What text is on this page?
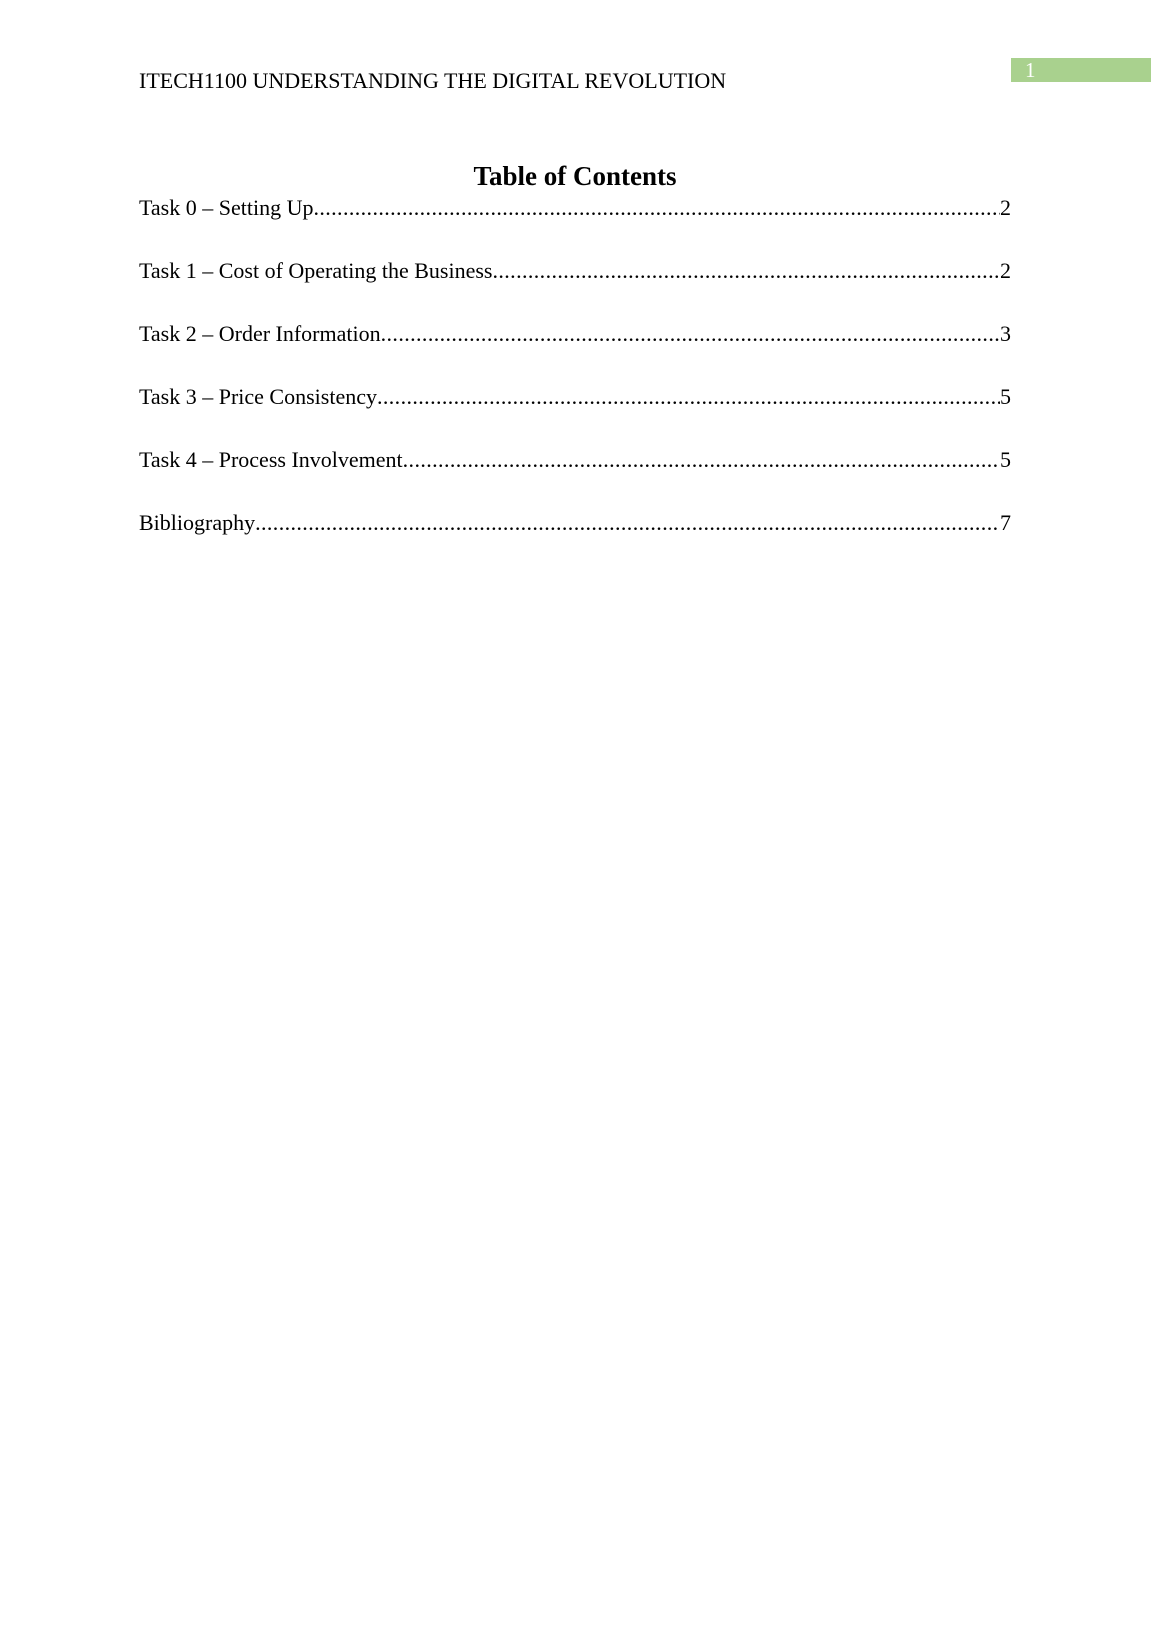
ITECH1100 UNDERSTANDING THE DIGITAL REVOLUTION	1
Table of Contents
Task 0 – Setting Up .....	2
Task 1 – Cost of Operating the Business .....	2
Task 2 – Order Information .....	3
Task 3 – Price Consistency .....	5
Task 4 – Process Involvement .....	5
Bibliography .....	7
